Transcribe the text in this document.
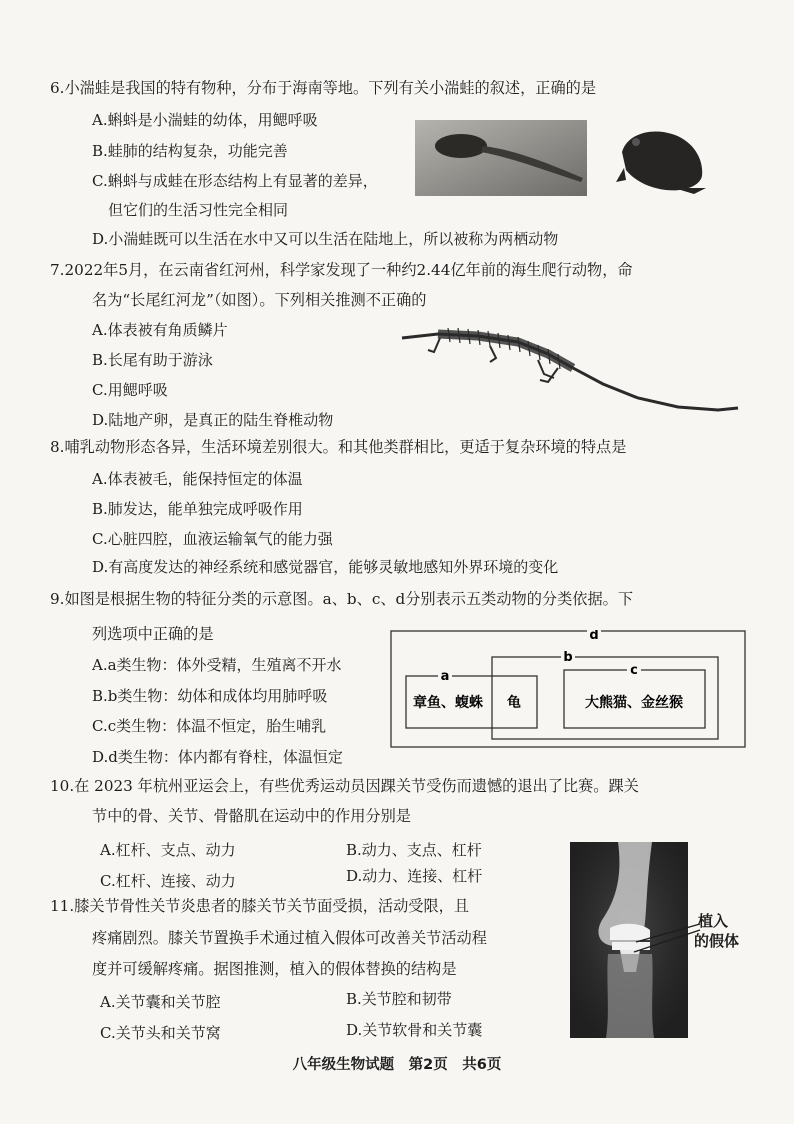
6.小湍蛙是我国的特有物种，分布于海南等地。下列有关小湍蛙的叙述，正确的是
A.蝌蚪是小湍蛙的幼体，用鳃呼吸
B.蛙肺的结构复杂，功能完善
C.蝌蚪与成蛙在形态结构上有显著的差异，
但它们的生活习性完全相同
D.小湍蛙既可以生活在水中又可以生活在陆地上，所以被称为两栖动物
7.2022年5月，在云南省红河州，科学家发现了一种约2.44亿年前的海生爬行动物，命
名为“长尾红河龙”（如图）。下列相关推测不正确的
A.体表被有角质鳞片
B.长尾有助于游泳
C.用鳃呼吸
D.陆地产卵，是真正的陆生脊椎动物
8.哺乳动物形态各异，生活环境差别很大。和其他类群相比，更适于复杂环境的特点是
A.体表被毛，能保持恒定的体温
B.肺发达，能单独完成呼吸作用
C.心脏四腔，血液运输氧气的能力强
D.有高度发达的神经系统和感觉器官，能够灵敏地感知外界环境的变化
9.如图是根据生物的特征分类的示意图。a、b、c、d分别表示五类动物的分类依据。下
列选项中正确的是
A.a类生物：体外受精，生殖离不开水
B.b类生物：幼体和成体均用肺呼吸
C.c类生物：体温不恒定，胎生哺乳
D.d类生物：体内都有脊柱，体温恒定
d
b
a	c
章鱼、蝮蛛 龟	大熊猫、金丝猴
10.在 2023 年杭州亚运会上，有些优秀运动员因踝关节受伤而遗憾的退出了比赛。踝关
节中的骨、关节、骨骼肌在运动中的作用分别是
A.杠杆、支点、动力	B.动力、支点、杠杆
C.杠杆、连接、动力	D.动力、连接、杠杆
11.膝关节骨性关节炎患者的膝关节关节面受损，活动受限，且
疼痛剧烈。膝关节置换手术通过植入假体可改善关节活动程
度并可缓解疼痛。据图推测，植入的假体替换的结构是
A.关节囊和关节腔	B.关节腔和韧带
C.关节头和关节窝	D.关节软骨和关节囊
植入
的假体
八年级生物试题　第2页　共6页
